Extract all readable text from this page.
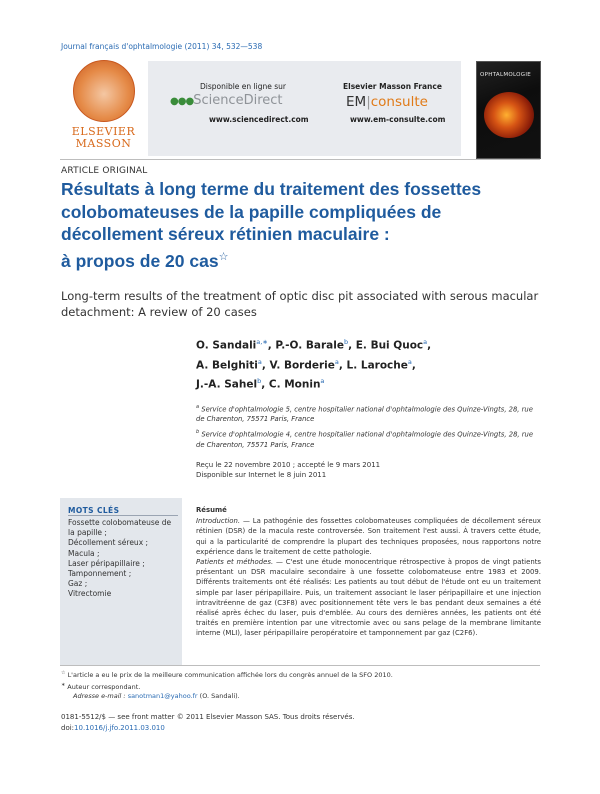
Journal français d'ophtalmologie (2011) 34, 532—538
ELSEVIER MASSON
Disponible en ligne sur
●●●ScienceDirect
www.sciencedirect.com
Elsevier Masson France
EM|consulte
www.em-consulte.com
OPHTALMOLOGIE
ARTICLE ORIGINAL
Résultats à long terme du traitement des fossettes
colobomateuses de la papille compliquées de
décollement séreux rétinien maculaire :
à propos de 20 cas☆
Long-term results of the treatment of optic disc pit associated with serous macular detachment: A review of 20 cases
O. Sandali$^{a,∗}$, P.-O. Barale$^b$, E. Bui Quoc$^a$,
A. Belghiti$^a$, V. Borderie$^a$, L. Laroche$^a$,
J.-A. Sahel$^b$, C. Monin$^a$

$^a$ Service d'ophtalmologie 5, centre hospitalier national d'ophtalmologie des Quinze-Vingts, 28, rue de Charenton, 75571 Paris, France

$^b$ Service d'ophtalmologie 4, centre hospitalier national d'ophtalmologie des Quinze-Vingts, 28, rue de Charenton, 75571 Paris, France

Reçu le 22 novembre 2010 ; accepté le 9 mars 2011
Disponible sur Internet le 8 juin 2011
MOTS CLÉS
Fossette colobomateuse de la papille ;
Décollement séreux ;
Macula ;
Laser péripapillaire ;
Tamponnement ;
Gaz ;
Vitrectomie
Résumé

Introduction. — La pathogénie des fossettes colobomateuses compliquées de décollement séreux rétinien (DSR) de la macula reste controversée. Son traitement l'est aussi. À travers cette étude, qui a la particularité de comprendre la plupart des techniques proposées, nous rapportons notre expérience dans le traitement de cette pathologie.

Patients et méthodes. — C'est une étude monocentrique rétrospective à propos de vingt patients présentant un DSR maculaire secondaire à une fossette colobomateuse entre 1983 et 2009. Différents traitements ont été réalisés: Les patients au tout début de l'étude ont eu un traitement simple par laser péripapillaire. Puis, un traitement associant le laser péripapillaire et une injection intravitréenne de gaz (C3F8) avec positionnement tête vers le bas pendant deux semaines a été réalisé après échec du laser, puis d'emblée. Au cours des dernières années, les patients ont été traités en première intention par une vitrectomie avec ou sans pelage de la membrane limitante interne (MLI), laser péripapillaire peropératoire et tamponnement par gaz (C2F6).

☆ L'article a eu le prix de la meilleure communication affichée lors du congrès annuel de la SFO 2010.
∗ Auteur correspondant.
Adresse e-mail : sanotman1@yahoo.fr (O. Sandali).
0181-5512/$ — see front matter © 2011 Elsevier Masson SAS. Tous droits réservés.
doi:10.1016/j.jfo.2011.03.010
